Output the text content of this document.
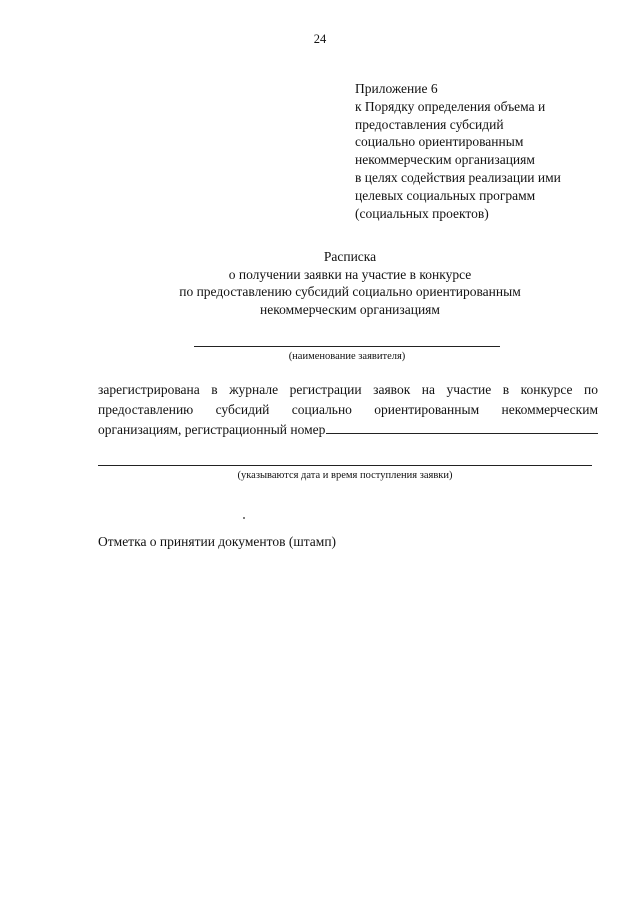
24
Приложение 6
к Порядку определения объема и
предоставления субсидий
социально ориентированным
некоммерческим организациям
в целях содействия реализации ими
целевых социальных программ
(социальных проектов)
Расписка
о получении заявки на участие в конкурсе
по предоставлению субсидий социально ориентированным
некоммерческим организациям
(наименование заявителя)
зарегистрирована в журнале регистрации заявок на участие в конкурсе по
предоставлению субсидий социально ориентированным некоммерческим
организациям, регистрационный номер
(указываются дата и время поступления заявки)
Отметка о принятии документов (штамп)
